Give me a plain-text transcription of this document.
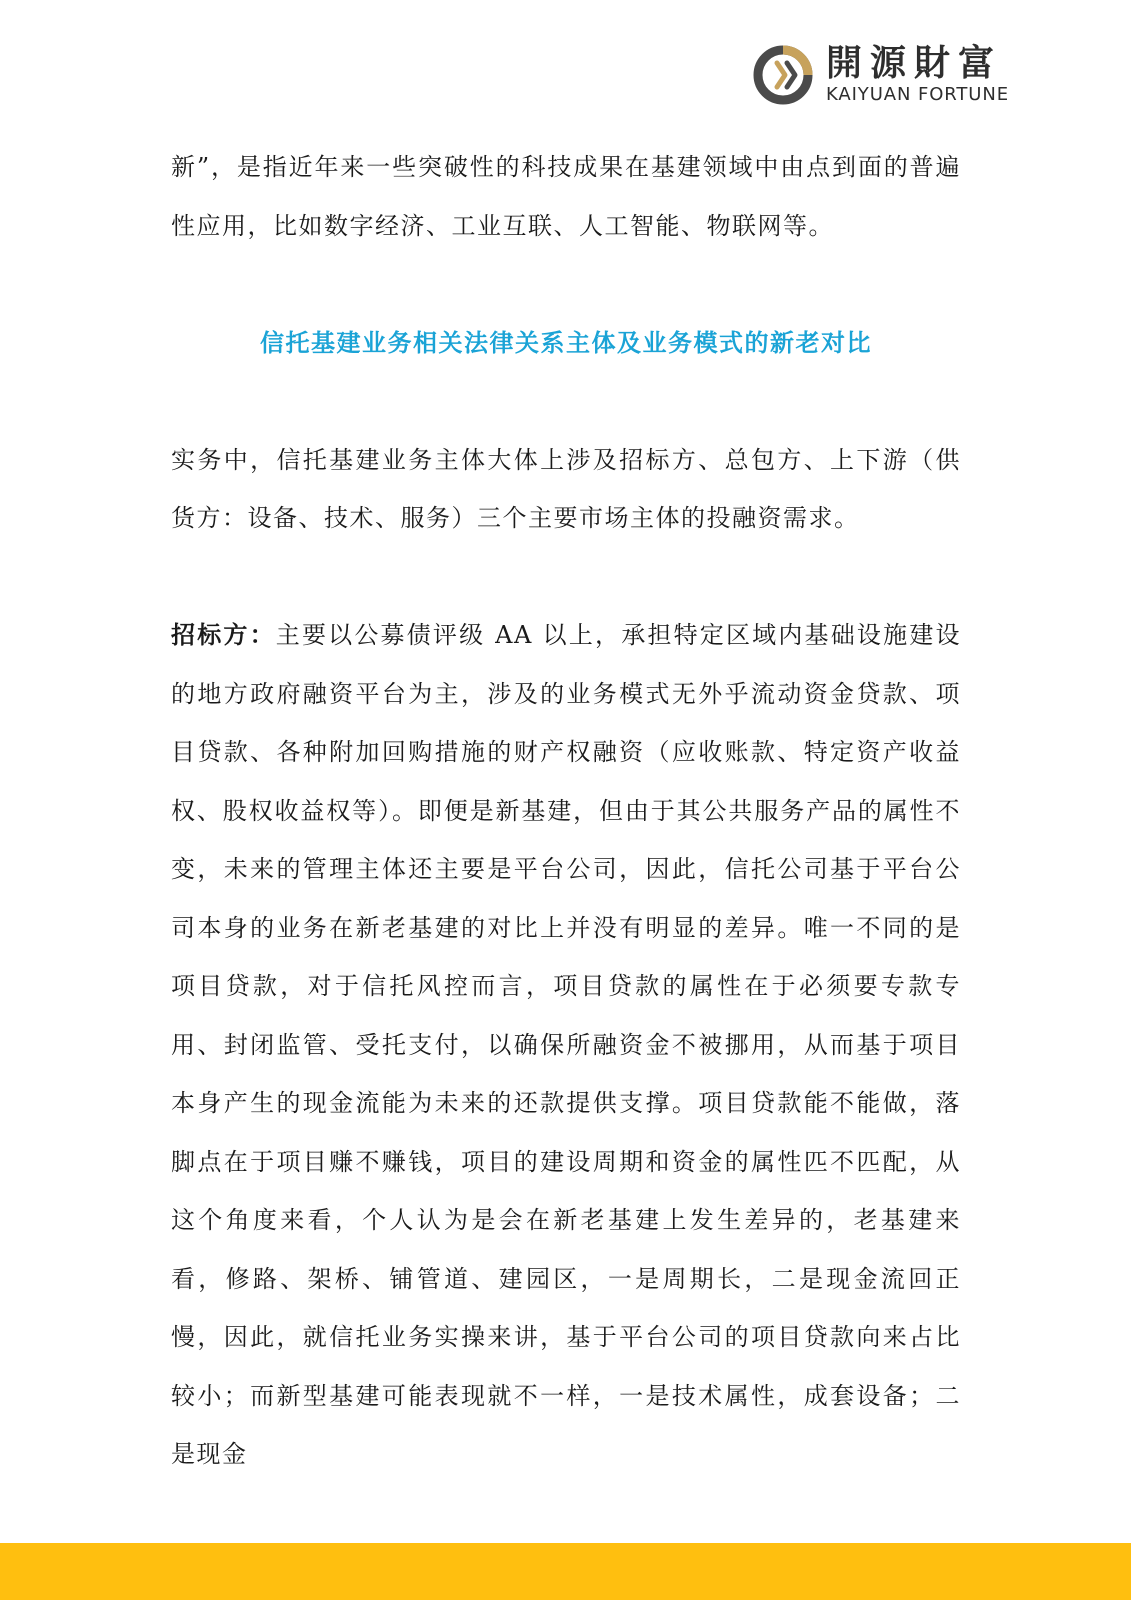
開源財富
KAIYUAN FORTUNE

新”，是指近年来一些突破性的科技成果在基建领域中由点到面的普遍性应用，比如数字经济、工业互联、人工智能、物联网等。

信托基建业务相关法律关系主体及业务模式的新老对比

实务中，信托基建业务主体大体上涉及招标方、总包方、上下游（供货方：设备、技术、服务）三个主要市场主体的投融资需求。

招标方：主要以公募债评级 AA 以上，承担特定区域内基础设施建设的地方政府融资平台为主，涉及的业务模式无外乎流动资金贷款、项目贷款、各种附加回购措施的财产权融资（应收账款、特定资产收益权、股权收益权等）。即便是新基建，但由于其公共服务产品的属性不变，未来的管理主体还主要是平台公司，因此，信托公司基于平台公司本身的业务在新老基建的对比上并没有明显的差异。唯一不同的是项目贷款，对于信托风控而言，项目贷款的属性在于必须要专款专用、封闭监管、受托支付，以确保所融资金不被挪用，从而基于项目本身产生的现金流能为未来的还款提供支撑。项目贷款能不能做，落脚点在于项目赚不赚钱，项目的建设周期和资金的属性匹不匹配，从这个角度来看，个人认为是会在新老基建上发生差异的，老基建来看，修路、架桥、铺管道、建园区，一是周期长，二是现金流回正慢，因此，就信托业务实操来讲，基于平台公司的项目贷款向来占比较小；而新型基建可能表现就不一样，一是技术属性，成套设备；二是现金
